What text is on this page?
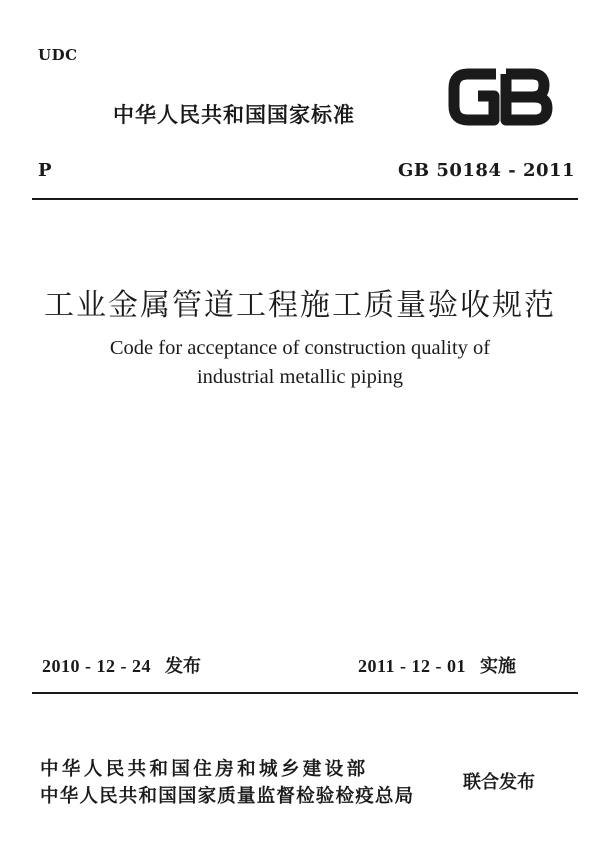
UDC
中华人民共和国国家标准
P	GB 50184 - 2011
工业金属管道工程施工质量验收规范
Code for acceptance of construction quality of
industrial metallic piping
2010 - 12 - 24 发布	2011 - 12 - 01 实施
中华人民共和国住房和城乡建设部
中华人民共和国国家质量监督检验检疫总局
联合发布
